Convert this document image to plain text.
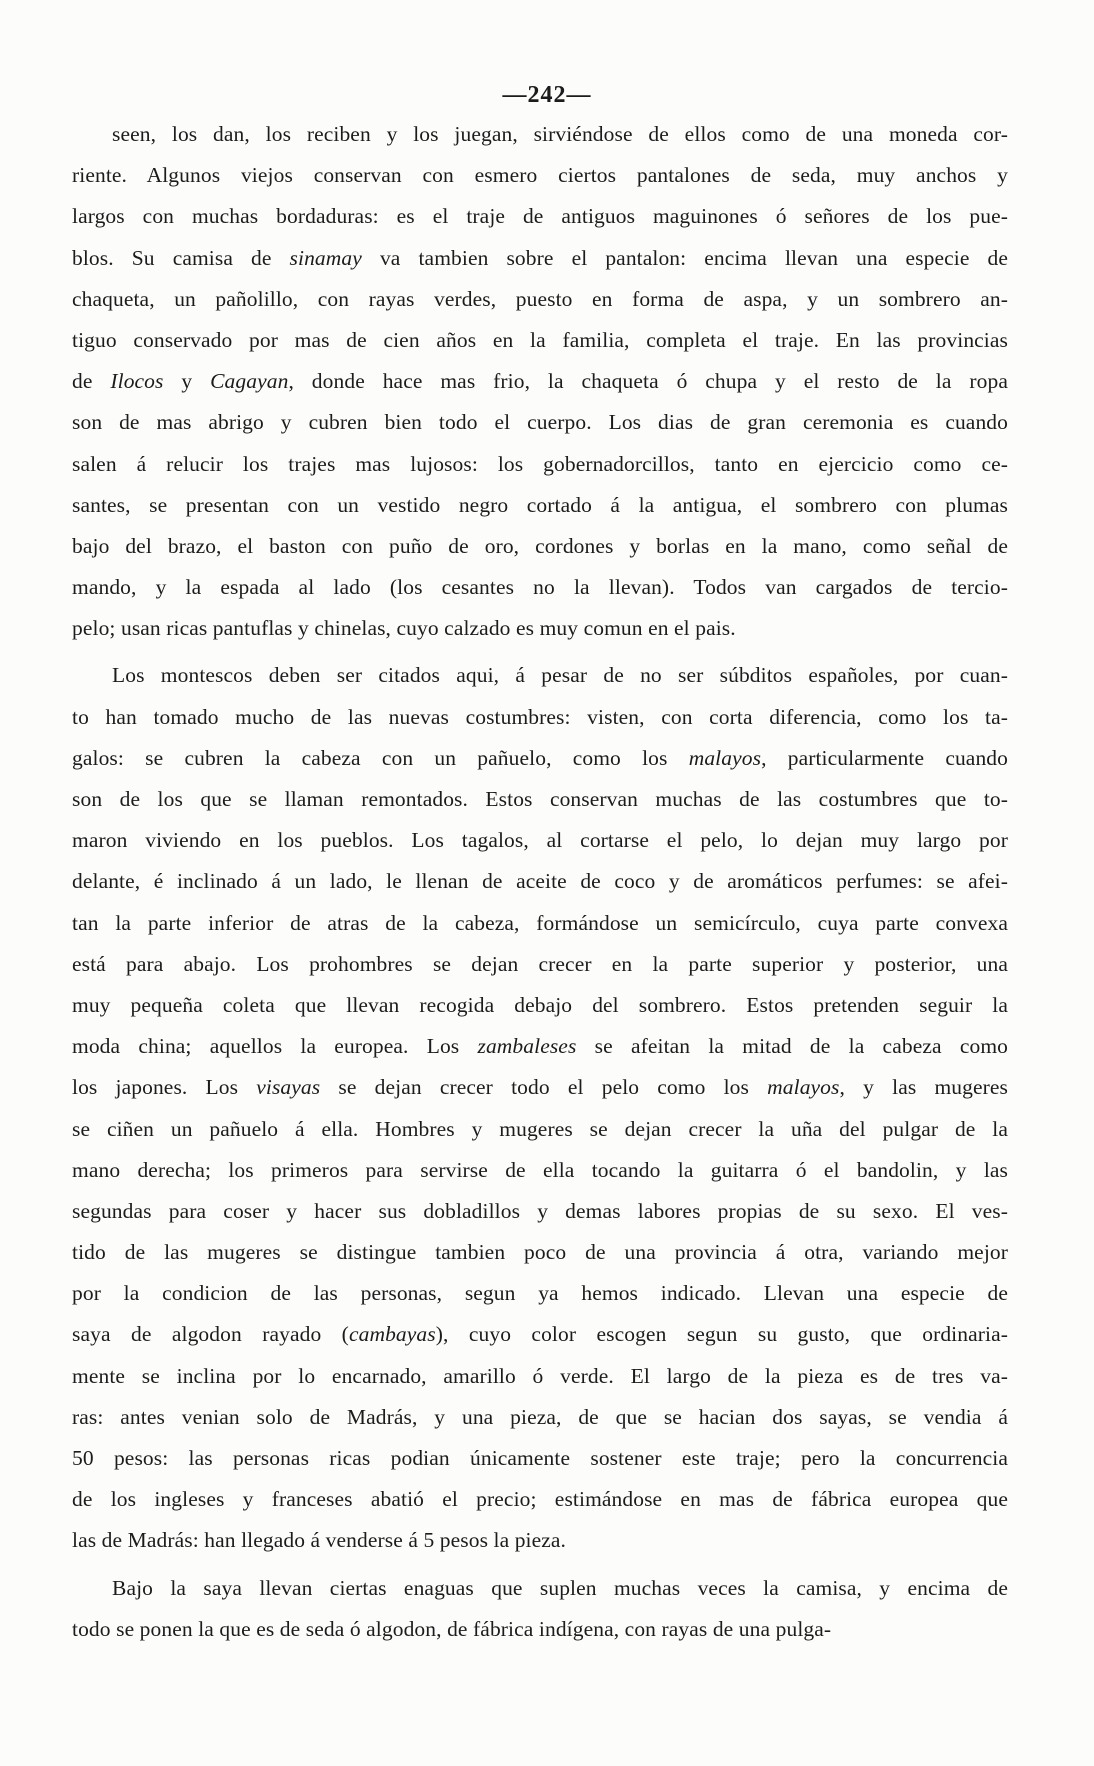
—242—
seen, los dan, los reciben y los juegan, sirviéndose de ellos como de una moneda cor-
riente. Algunos viejos conservan con esmero ciertos pantalones de seda, muy anchos y
largos con muchas bordaduras: es el traje de antiguos maguinones ó señores de los pue-
blos. Su camisa de sinamay va tambien sobre el pantalon: encima llevan una especie de
chaqueta, un pañolillo, con rayas verdes, puesto en forma de aspa, y un sombrero an-
tiguo conservado por mas de cien años en la familia, completa el traje. En las provincias
de Ilocos y Cagayan, donde hace mas frio, la chaqueta ó chupa y el resto de la ropa
son de mas abrigo y cubren bien todo el cuerpo. Los dias de gran ceremonia es cuando
salen á relucir los trajes mas lujosos: los gobernadorcillos, tanto en ejercicio como ce-
santes, se presentan con un vestido negro cortado á la antigua, el sombrero con plumas
bajo del brazo, el baston con puño de oro, cordones y borlas en la mano, como señal de
mando, y la espada al lado (los cesantes no la llevan). Todos van cargados de tercio-
pelo; usan ricas pantuflas y chinelas, cuyo calzado es muy comun en el pais.
Los montescos deben ser citados aqui, á pesar de no ser súbditos españoles, por cuan-
to han tomado mucho de las nuevas costumbres: visten, con corta diferencia, como los ta-
galos: se cubren la cabeza con un pañuelo, como los malayos, particularmente cuando
son de los que se llaman remontados. Estos conservan muchas de las costumbres que to-
maron viviendo en los pueblos. Los tagalos, al cortarse el pelo, lo dejan muy largo por
delante, é inclinado á un lado, le llenan de aceite de coco y de aromáticos perfumes: se afei-
tan la parte inferior de atras de la cabeza, formándose un semicírculo, cuya parte convexa
está para abajo. Los prohombres se dejan crecer en la parte superior y posterior, una
muy pequeña coleta que llevan recogida debajo del sombrero. Estos pretenden seguir la
moda china; aquellos la europea. Los zambaleses se afeitan la mitad de la cabeza como
los japones. Los visayas se dejan crecer todo el pelo como los malayos, y las mugeres
se ciñen un pañuelo á ella. Hombres y mugeres se dejan crecer la uña del pulgar de la
mano derecha; los primeros para servirse de ella tocando la guitarra ó el bandolin, y las
segundas para coser y hacer sus dobladillos y demas labores propias de su sexo. El ves-
tido de las mugeres se distingue tambien poco de una provincia á otra, variando mejor
por la condicion de las personas, segun ya hemos indicado. Llevan una especie de
saya de algodon rayado (cambayas), cuyo color escogen segun su gusto, que ordinaria-
mente se inclina por lo encarnado, amarillo ó verde. El largo de la pieza es de tres va-
ras: antes venian solo de Madrás, y una pieza, de que se hacian dos sayas, se vendia á
50 pesos: las personas ricas podian únicamente sostener este traje; pero la concurrencia
de los ingleses y franceses abatió el precio; estimándose en mas de fábrica europea que
las de Madrás: han llegado á venderse á 5 pesos la pieza.
Bajo la saya llevan ciertas enaguas que suplen muchas veces la camisa, y encima de
todo se ponen la que es de seda ó algodon, de fábrica indígena, con rayas de una pulga-
